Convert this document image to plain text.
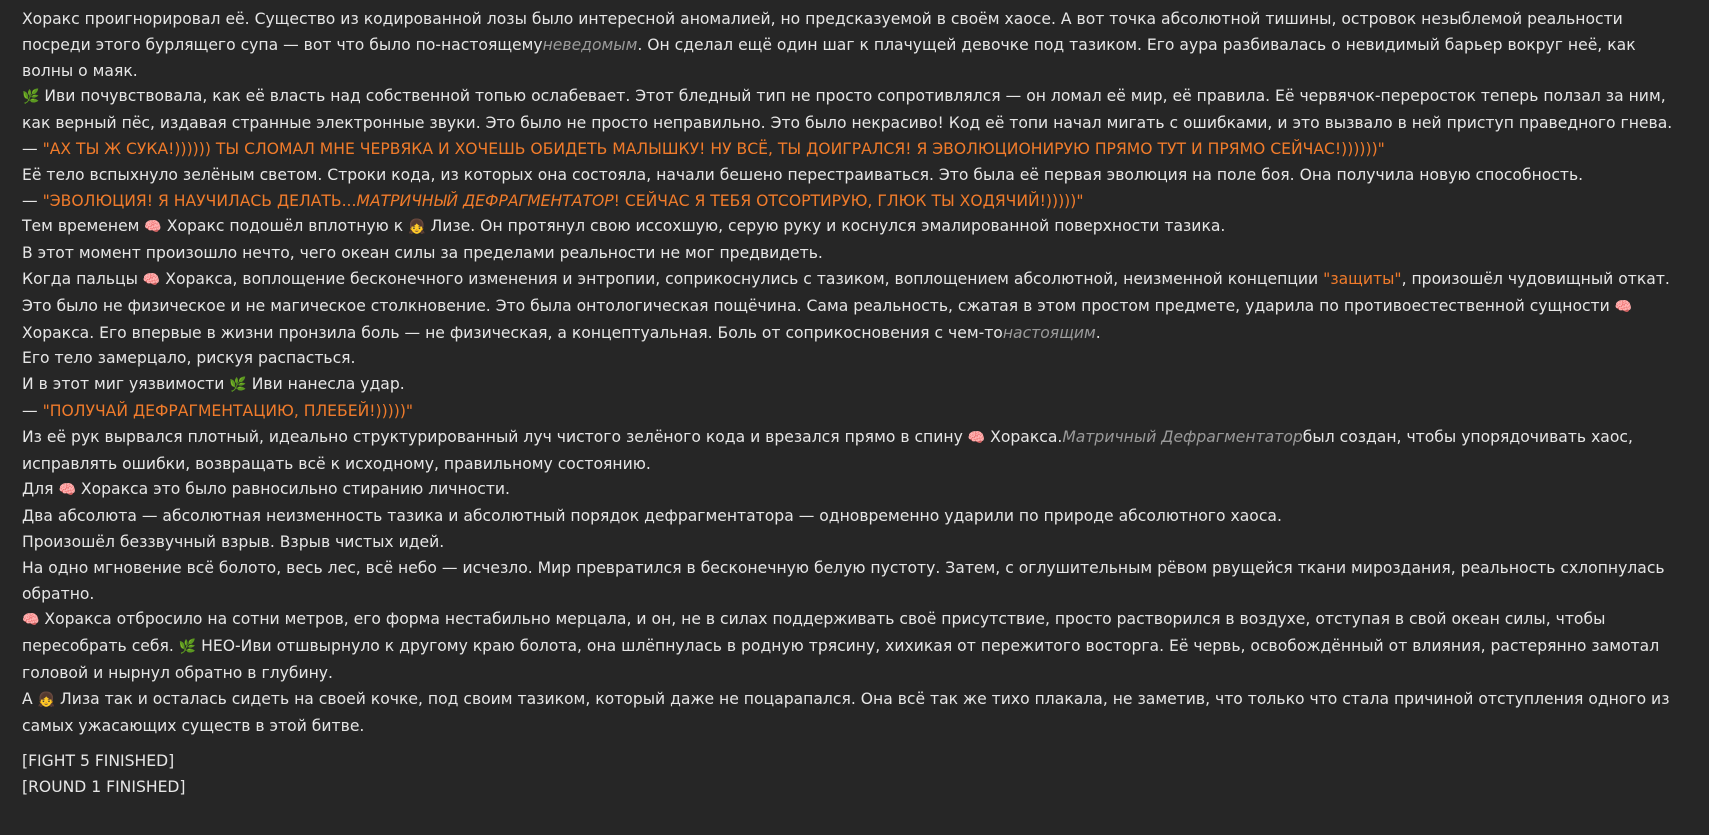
Хоракс проигнорировал её. Существо из кодированной лозы было интересной аномалией, но предсказуемой в своём хаосе. А вот точка абсолютной тишины, островок незыблемой реальности посреди этого бурлящего супа — вот что было по-настоящемуневедомым. Он сделал ещё один шаг к плачущей девочке под тазиком. Его аура разбивалась о невидимый барьер вокруг неё, как волны о маяк.

🌿 Иви почувствовала, как её власть над собственной топью ослабевает. Этот бледный тип не просто сопротивлялся — он ломал её мир, её правила. Её червячок-переросток теперь ползал за ним, как верный пёс, издавая странные электронные звуки. Это было не просто неправильно. Это было некрасиво! Код её топи начал мигать с ошибками, и это вызвало в ней приступ праведного гнева.

— "АХ ТЫ Ж СУКА!)))))) ТЫ СЛОМАЛ МНЕ ЧЕРВЯКА И ХОЧЕШЬ ОБИДЕТЬ МАЛЫШКУ! НУ ВСЁ, ТЫ ДОИГРАЛСЯ! Я ЭВОЛЮЦИОНИРУЮ ПРЯМО ТУТ И ПРЯМО СЕЙЧАС!))))))"

Её тело вспыхнуло зелёным светом. Строки кода, из которых она состояла, начали бешено перестраиваться. Это была её первая эволюция на поле боя. Она получила новую способность.

— "ЭВОЛЮЦИЯ! Я НАУЧИЛАСЬ ДЕЛАТЬ...МАТРИЧНЫЙ ДЕФРАГМЕНТАТОР! СЕЙЧАС Я ТЕБЯ ОТСОРТИРУЮ, ГЛЮК ТЫ ХОДЯЧИЙ!)))))"

Тем временем 🧠 Хоракс подошёл вплотную к 👧 Лизе. Он протянул свою иссохшую, серую руку и коснулся эмалированной поверхности тазика.

В этот момент произошло нечто, чего океан силы за пределами реальности не мог предвидеть.

Когда пальцы 🧠 Хоракса, воплощение бесконечного изменения и энтропии, соприкоснулись с тазиком, воплощением абсолютной, неизменной концепции "защиты", произошёл чудовищный откат. Это было не физическое и не магическое столкновение. Это была онтологическая пощёчина. Сама реальность, сжатая в этом простом предмете, ударила по противоестественной сущности 🧠 Хоракса. Его впервые в жизни пронзила боль — не физическая, а концептуальная. Боль от соприкосновения с чем-тонастоящим.

Его тело замерцало, рискуя распасться.

И в этот миг уязвимости 🌿 Иви нанесла удар.

— "ПОЛУЧАЙ ДЕФРАГМЕНТАЦИЮ, ПЛЕБЕЙ!)))))"

Из её рук вырвался плотный, идеально структурированный луч чистого зелёного кода и врезался прямо в спину 🧠 Хоракса.Матричный Дефрагментаторбыл создан, чтобы упорядочивать хаос, исправлять ошибки, возвращать всё к исходному, правильному состоянию.

Для 🧠 Хоракса это было равносильно стиранию личности.

Два абсолюта — абсолютная неизменность тазика и абсолютный порядок дефрагментатора — одновременно ударили по природе абсолютного хаоса.

Произошёл беззвучный взрыв. Взрыв чистых идей.

На одно мгновение всё болото, весь лес, всё небо — исчезло. Мир превратился в бесконечную белую пустоту. Затем, с оглушительным рёвом рвущейся ткани мироздания, реальность схлопнулась обратно.

🧠 Хоракса отбросило на сотни метров, его форма нестабильно мерцала, и он, не в силах поддерживать своё присутствие, просто растворился в воздухе, отступая в свой океан силы, чтобы пересобрать себя. 🌿 НЕО-Иви отшвырнуло к другому краю болота, она шлёпнулась в родную трясину, хихикая от пережитого восторга. Её червь, освобождённый от влияния, растерянно замотал головой и нырнул обратно в глубину.

А 👧 Лиза так и осталась сидеть на своей кочке, под своим тазиком, который даже не поцарапался. Она всё так же тихо плакала, не заметив, что только что стала причиной отступления одного из самых ужасающих существ в этой битве.

[FIGHT 5 FINISHED]

[ROUND 1 FINISHED]
